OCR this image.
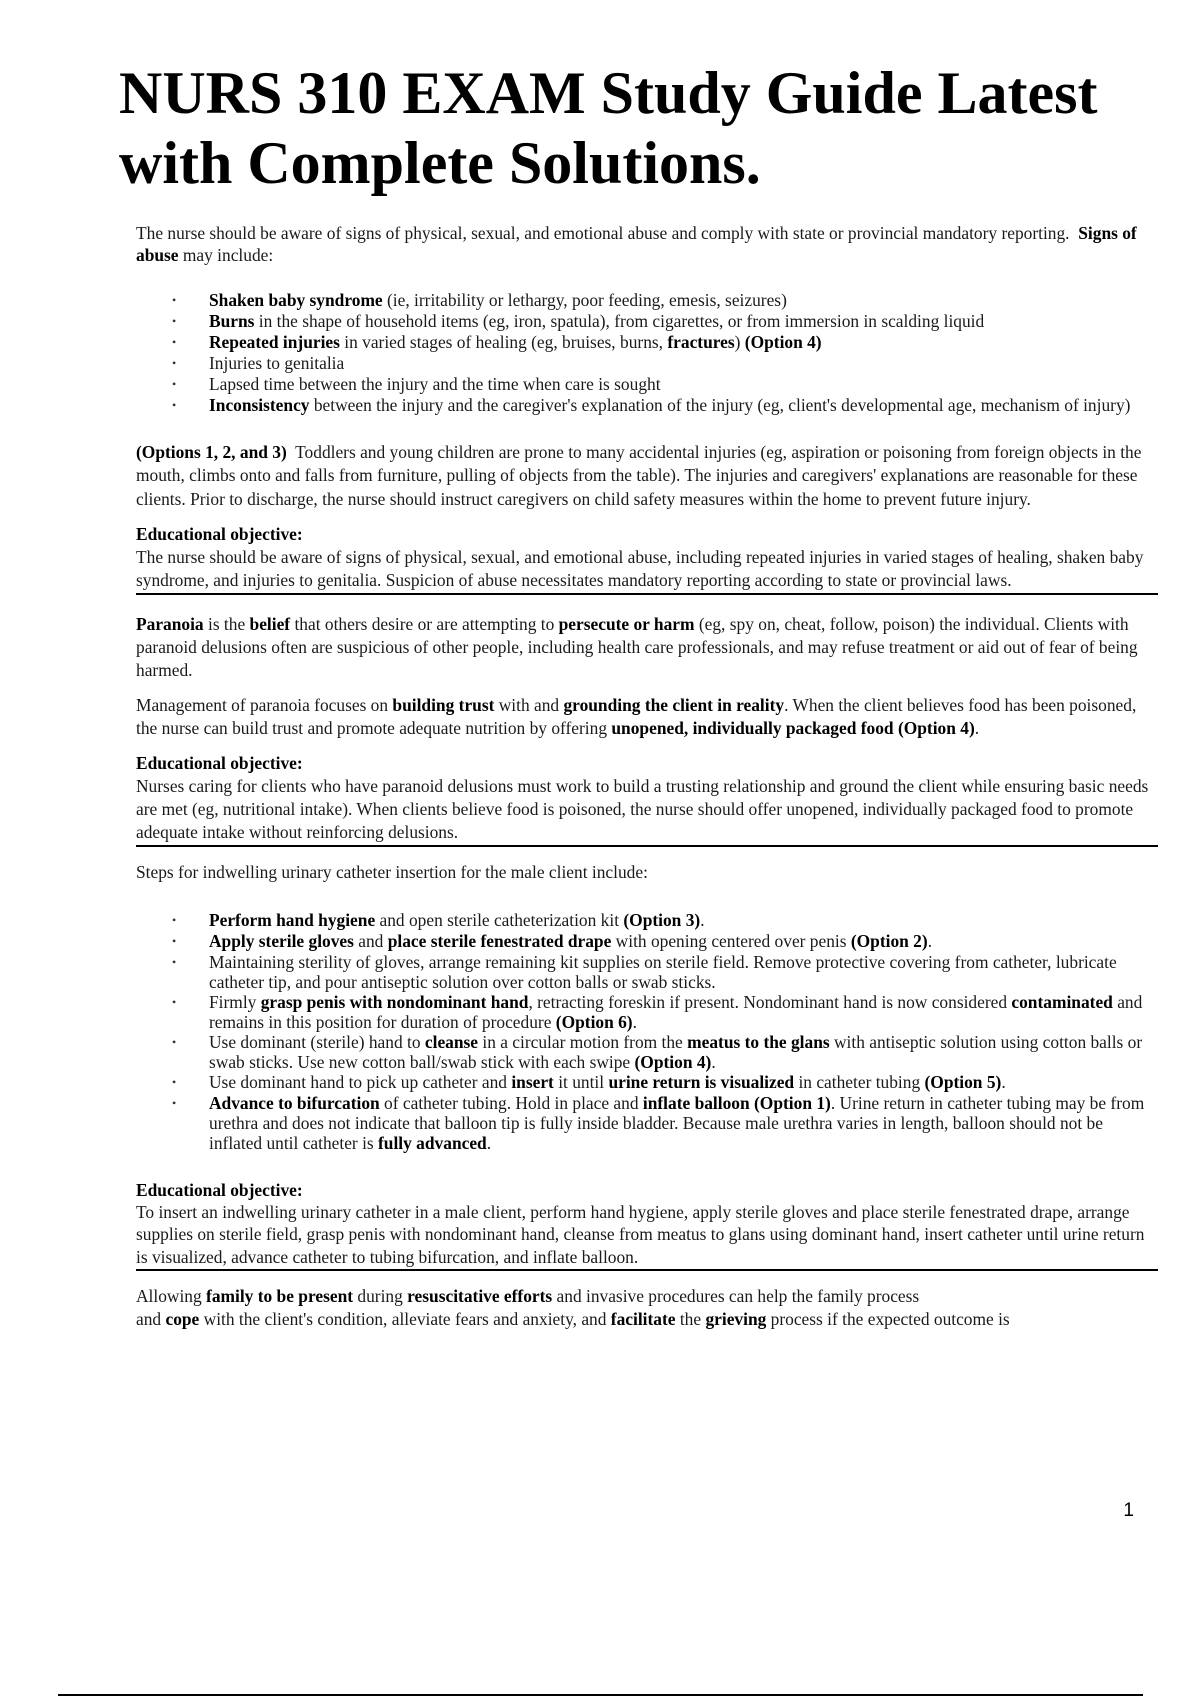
NURS 310 EXAM Study Guide Latest with Complete Solutions.

The nurse should be aware of signs of physical, sexual, and emotional abuse and comply with state or provincial mandatory reporting. Signs of abuse may include:

• Shaken baby syndrome (ie, irritability or lethargy, poor feeding, emesis, seizures)
• Burns in the shape of household items (eg, iron, spatula), from cigarettes, or from immersion in scalding liquid
• Repeated injuries in varied stages of healing (eg, bruises, burns, fractures) (Option 4)
• Injuries to genitalia
• Lapsed time between the injury and the time when care is sought
• Inconsistency between the injury and the caregiver's explanation of the injury (eg, client's developmental age, mechanism of injury)

(Options 1, 2, and 3) Toddlers and young children are prone to many accidental injuries (eg, aspiration or poisoning from foreign objects in the mouth, climbs onto and falls from furniture, pulling of objects from the table). The injuries and caregivers' explanations are reasonable for these clients. Prior to discharge, the nurse should instruct caregivers on child safety measures within the home to prevent future injury.

Educational objective:
The nurse should be aware of signs of physical, sexual, and emotional abuse, including repeated injuries in varied stages of healing, shaken baby syndrome, and injuries to genitalia. Suspicion of abuse necessitates mandatory reporting according to state or provincial laws.

Paranoia is the belief that others desire or are attempting to persecute or harm (eg, spy on, cheat, follow, poison) the individual. Clients with paranoid delusions often are suspicious of other people, including health care professionals, and may refuse treatment or aid out of fear of being harmed.

Management of paranoia focuses on building trust with and grounding the client in reality. When the client believes food has been poisoned, the nurse can build trust and promote adequate nutrition by offering unopened, individually packaged food (Option 4).

Educational objective:
Nurses caring for clients who have paranoid delusions must work to build a trusting relationship and ground the client while ensuring basic needs are met (eg, nutritional intake). When clients believe food is poisoned, the nurse should offer unopened, individually packaged food to promote adequate intake without reinforcing delusions.

Steps for indwelling urinary catheter insertion for the male client include:

• Perform hand hygiene and open sterile catheterization kit (Option 3).
• Apply sterile gloves and place sterile fenestrated drape with opening centered over penis (Option 2).
• Maintaining sterility of gloves, arrange remaining kit supplies on sterile field. Remove protective covering from catheter, lubricate catheter tip, and pour antiseptic solution over cotton balls or swab sticks.
• Firmly grasp penis with nondominant hand, retracting foreskin if present. Nondominant hand is now considered contaminated and remains in this position for duration of procedure (Option 6).
• Use dominant (sterile) hand to cleanse in a circular motion from the meatus to the glans with antiseptic solution using cotton balls or swab sticks. Use new cotton ball/swab stick with each swipe (Option 4).
• Use dominant hand to pick up catheter and insert it until urine return is visualized in catheter tubing (Option 5).
• Advance to bifurcation of catheter tubing. Hold in place and inflate balloon (Option 1). Urine return in catheter tubing may be from urethra and does not indicate that balloon tip is fully inside bladder. Because male urethra varies in length, balloon should not be inflated until catheter is fully advanced.

Educational objective:
To insert an indwelling urinary catheter in a male client, perform hand hygiene, apply sterile gloves and place sterile fenestrated drape, arrange supplies on sterile field, grasp penis with nondominant hand, cleanse from meatus to glans using dominant hand, insert catheter until urine return is visualized, advance catheter to tubing bifurcation, and inflate balloon.

Allowing family to be present during resuscitative efforts and invasive procedures can help the family process
and cope with the client's condition, alleviate fears and anxiety, and facilitate the grieving process if the expected outcome is

1
